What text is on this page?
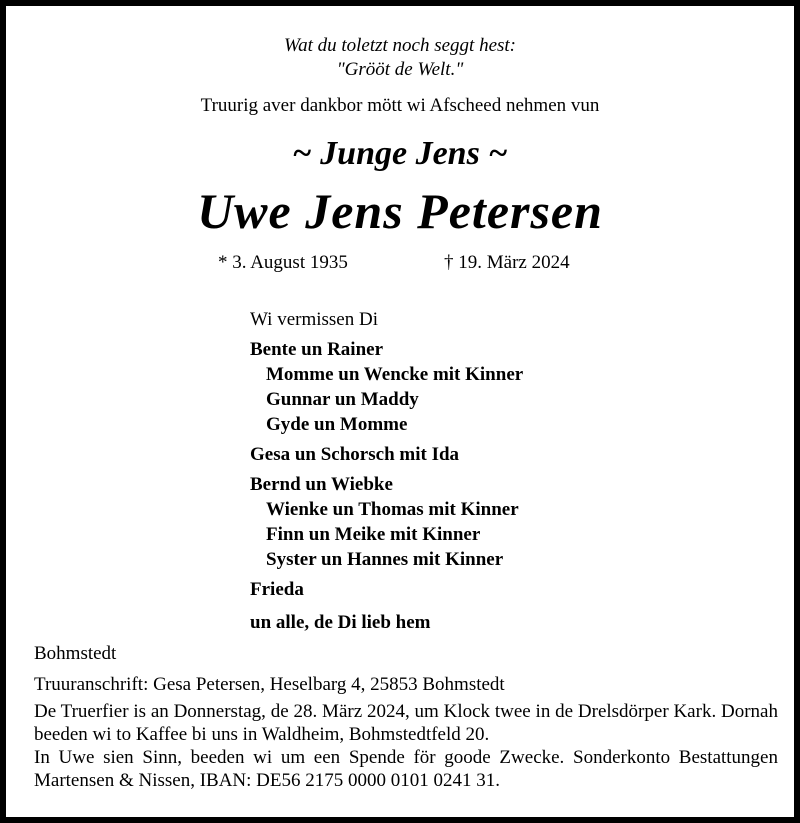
Wat du toletzt noch seggt hest:
"Grööt de Welt."
Truurig aver dankbor mött wi Afscheed nehmen vun
~ Junge Jens ~
Uwe Jens Petersen
* 3. August 1935	† 19. März 2024
Wi vermissen Di
Bente un Rainer
Momme un Wencke mit Kinner
Gunnar un Maddy
Gyde un Momme
Gesa un Schorsch mit Ida
Bernd un Wiebke
Wienke un Thomas mit Kinner
Finn un Meike mit Kinner
Syster un Hannes mit Kinner
Frieda
un alle, de Di lieb hem

Bohmstedt

Truuranschrift: Gesa Petersen, Heselbarg 4, 25853 Bohmstedt

De Truerfier is an Donnerstag, de 28. März 2024, um Klock twee in de Drelsdörper Kark. Dornah beeden wi to Kaffee bi uns in Waldheim, Bohmstedtfeld 20.

In Uwe sien Sinn, beeden wi um een Spende för goode Zwecke. Sonderkonto Bestattungen Martensen & Nissen, IBAN: DE56 2175 0000 0101 0241 31.
